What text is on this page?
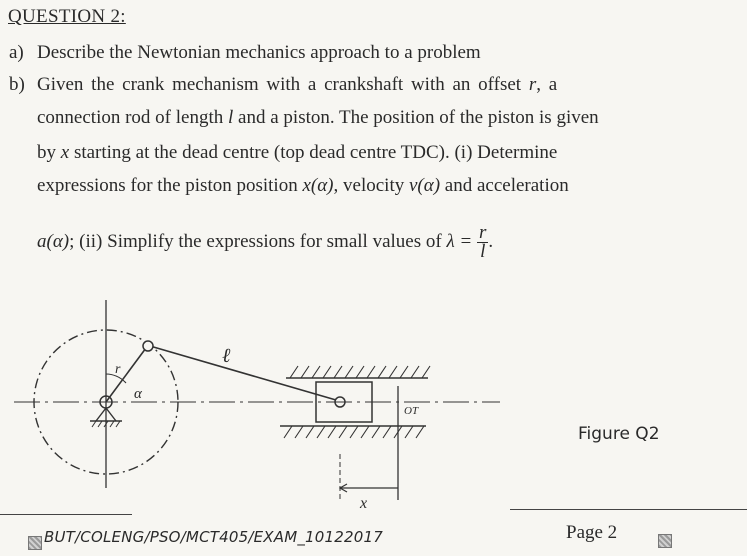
QUESTION 2:
a) Describe the Newtonian mechanics approach to a problem
b) Given the crank mechanism with a crankshaft with an offset r, a
connection rod of length l and a piston. The position of the piston is given
by x starting at the dead centre (top dead centre TDC). (i) Determine
expressions for the piston position x(α), velocity v(α) and acceleration
a(α); (ii) Simplify the expressions for small values of $\lambda = \frac{r}{l}$ .
ℓ
r
α
OT
x
Figure Q2
BUT/COLENG/PSO/MCT405/EXAM_10122017	Page 2
